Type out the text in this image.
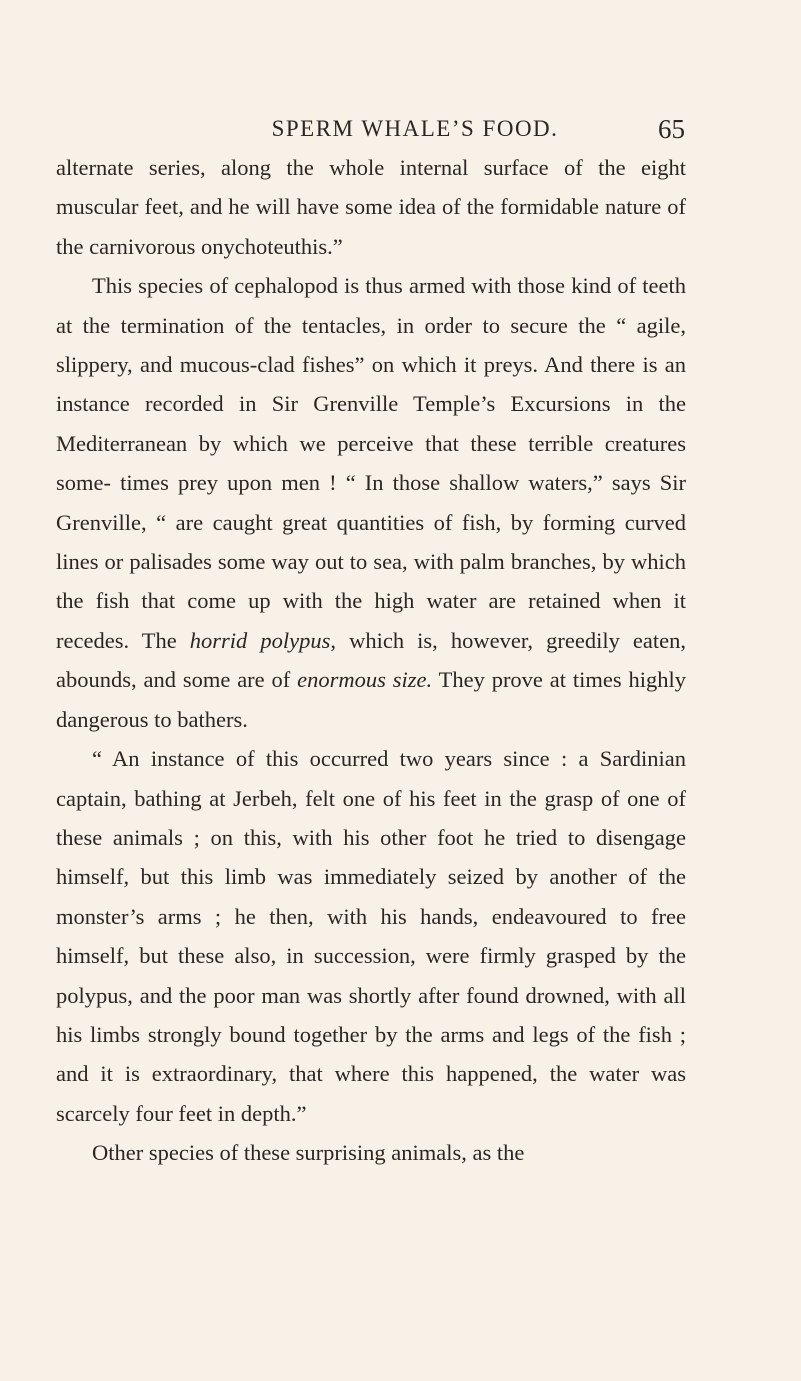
SPERM WHALE’S FOOD.	65

alternate series, along the whole internal surface of the eight muscular feet, and he will have some idea of the formidable nature of the carnivorous onychoteuthis.”

This species of cephalopod is thus armed with those kind of teeth at the termination of the tentacles, in order to secure the “ agile, slippery, and mucous-clad fishes” on which it preys. And there is an instance recorded in Sir Grenville Temple’s Excursions in the Mediterranean by which we perceive that these terrible creatures some- times prey upon men ! “ In those shallow waters,” says Sir Grenville, “ are caught great quantities of fish, by forming curved lines or palisades some way out to sea, with palm branches, by which the fish that come up with the high water are retained when it recedes. The horrid polypus, which is, however, greedily eaten, abounds, and some are of enormous size. They prove at times highly dangerous to bathers.

“ An instance of this occurred two years since : a Sardinian captain, bathing at Jerbeh, felt one of his feet in the grasp of one of these animals ; on this, with his other foot he tried to disengage himself, but this limb was immediately seized by another of the monster’s arms ; he then, with his hands, endeavoured to free himself, but these also, in succession, were firmly grasped by the polypus, and the poor man was shortly after found drowned, with all his limbs strongly bound together by the arms and legs of the fish ; and it is extraordinary, that where this happened, the water was scarcely four feet in depth.”

Other species of these surprising animals, as the
